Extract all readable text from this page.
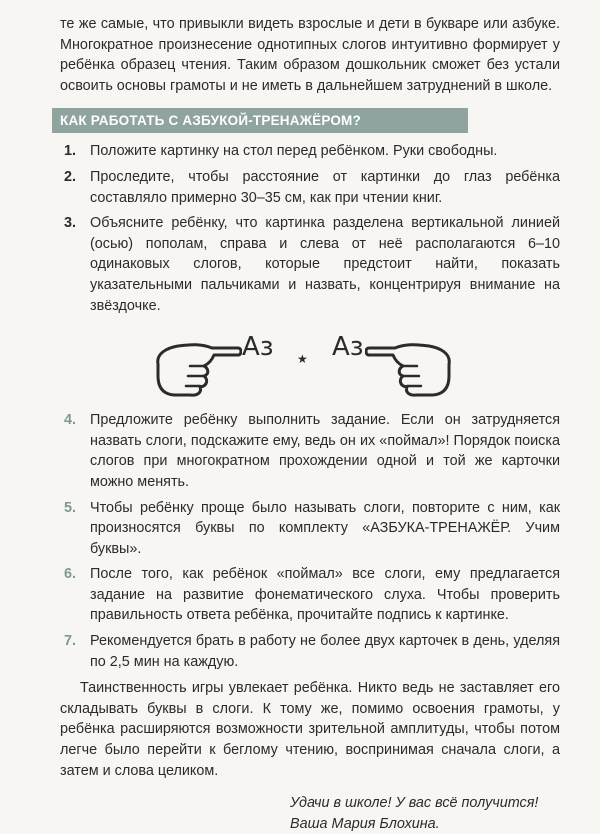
те же самые, что привыкли видеть взрослые и дети в букваре или азбуке. Многократное произнесение однотипных слогов интуитивно формирует у ребёнка образец чтения. Таким образом дошкольник сможет без устали освоить основы грамоты и не иметь в дальнейшем затруднений в школе.

КАК РАБОТАТЬ С АЗБУКОЙ-ТРЕНАЖЁРОМ?
1. Положите картинку на стол перед ребёнком. Руки свободны.
2. Проследите, чтобы расстояние от картинки до глаз ребёнка составляло примерно 30–35 см, как при чтении книг.
3. Объясните ребёнку, что картинка разделена вертикальной линией (осью) пополам, справа и слева от неё располагаются 6–10 одинаковых слогов, которые предстоит найти, показать указательными пальчиками и назвать, концентрируя внимание на звёздочке.
Аз ★ Аз
4. Предложите ребёнку выполнить задание. Если он затрудняется назвать слоги, подскажите ему, ведь он их «поймал»! Порядок поиска слогов при многократном прохождении одной и той же карточки можно менять.
5. Чтобы ребёнку проще было называть слоги, повторите с ним, как произносятся буквы по комплекту «АЗБУКА-ТРЕНАЖЁР. Учим буквы».
6. После того, как ребёнок «поймал» все слоги, ему предлагается задание на развитие фонематического слуха. Чтобы проверить правильность ответа ребёнка, прочитайте подпись к картинке.
7. Рекомендуется брать в работу не более двух карточек в день, уделяя по 2,5 мин на каждую.

Таинственность игры увлекает ребёнка. Никто ведь не заставляет его складывать буквы в слоги. К тому же, помимо освоения грамоты, у ребёнка расширяются возможности зрительной амплитуды, чтобы потом легче было перейти к беглому чтению, воспринимая сначала слоги, а затем и слова целиком.

Удачи в школе! У вас всё получится!
Ваша Мария Блохина.
